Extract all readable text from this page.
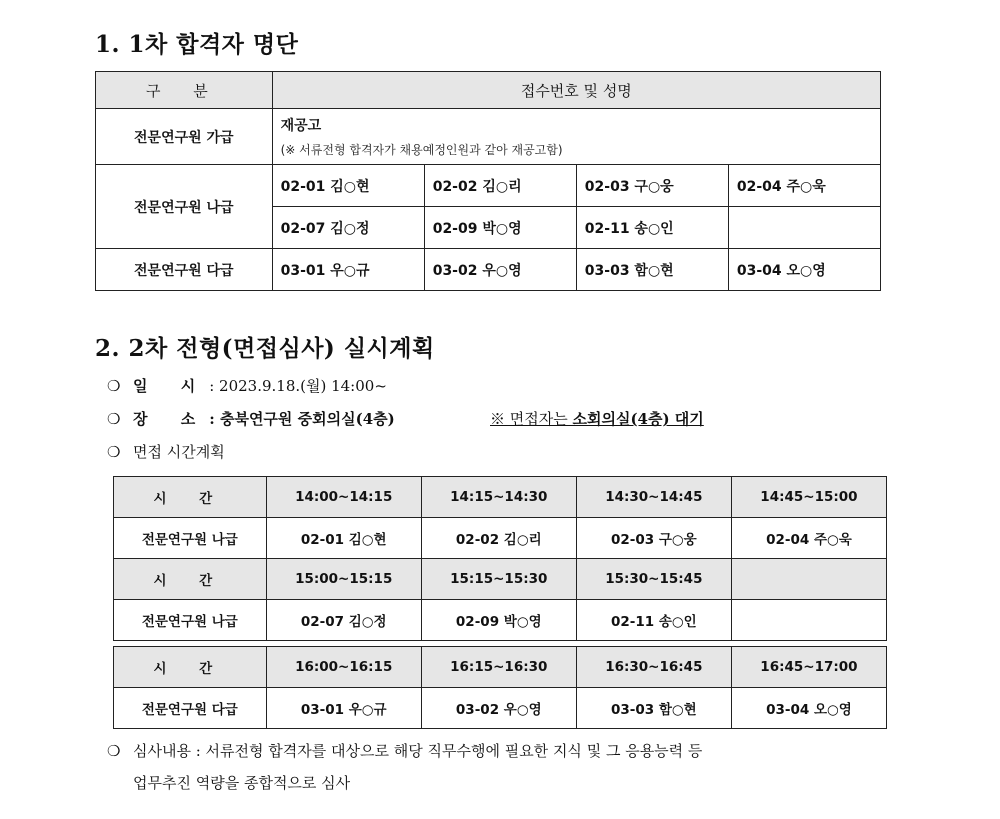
1. 1차 합격자 명단
구 분	접수번호 및 성명			
전문연구원 가급	재공고
(※ 서류전형 합격자가 채용예정인원과 같아 재공고함)			

전문연구원 나급	02-01 김○현	02-02 김○리	02-03 구○웅	02-04 주○욱
	02-07 김○정	02-09 박○영	02-11 송○인	
전문연구원 다급	03-01 우○규	03-02 우○영	03-03 함○현	03-04 오○영
2. 2차 전형(면접심사) 실시계획
❍ 일 시: 2023.9.18.(월) 14:00~
❍ 장 소: 충북연구원 중회의실(4층)	※ 면접자는 소회의실(4층) 대기
❍ 면접 시간계획
시 간	14:00~14:15	14:15~14:30	14:30~14:45	14:45~15:00
전문연구원 나급	02-01 김○현	02-02 김○리	02-03 구○웅	02-04 주○욱
시 간	15:00~15:15	15:15~15:30	15:30~15:45	
전문연구원 나급	02-07 김○정	02-09 박○영	02-11 송○인	
시 간	16:00~16:15	16:15~16:30	16:30~16:45	16:45~17:00
전문연구원 다급	03-01 우○규	03-02 우○영	03-03 함○현	03-04 오○영
❍ 심사내용 : 서류전형 합격자를 대상으로 해당 직무수행에 필요한 지식 및 그 응용능력 등
업무추진 역량을 종합적으로 심사
